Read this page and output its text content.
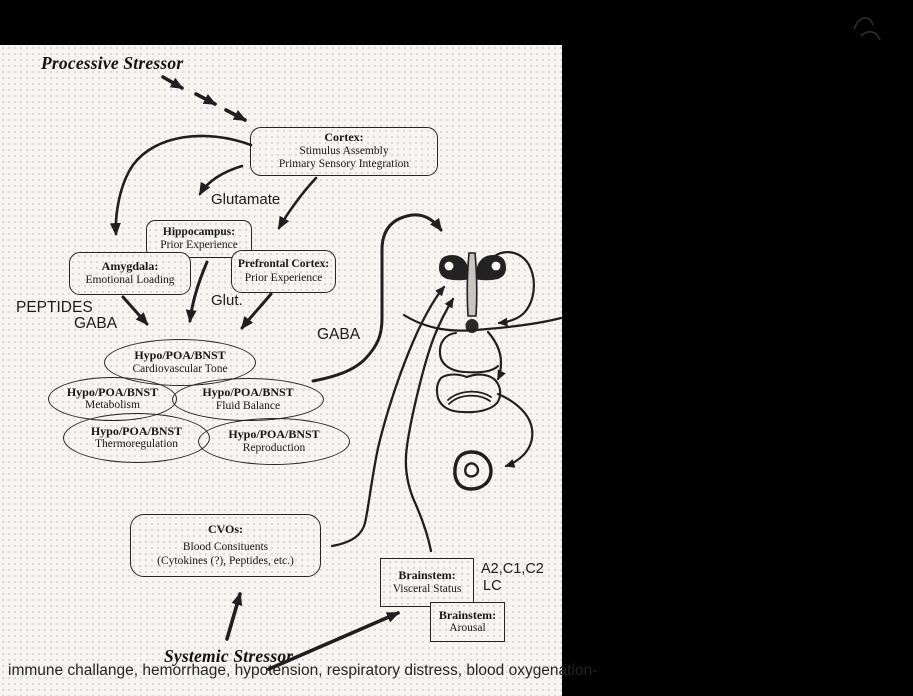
Processive Stressor
Glutamate
PEPTIDES
GABA
Glut.
GABA
A2,C1,C2
LC
Cortex:
Stimulus Assembly
Primary Sensory Integration
Hippocampus:
Prior Experience
Amygdala:
Emotional Loading
Prefrontal Cortex:
Prior Experience
CVOs:
Blood Consituents
(Cytokines (?), Peptides, etc.)
Brainstem:
Visceral Status
Brainstem:
Arousal
Hypo/POA/BNST
Cardiovascular Tone
Hypo/POA/BNST
Metabolism
Hypo/POA/BNST
Fluid Balance
Hypo/POA/BNST
Thermoregulation
Hypo/POA/BNST
Reproduction
Systemic Stressor
immune challange, hemorrhage, hypotension, respiratory distress, blood oxygenation-
